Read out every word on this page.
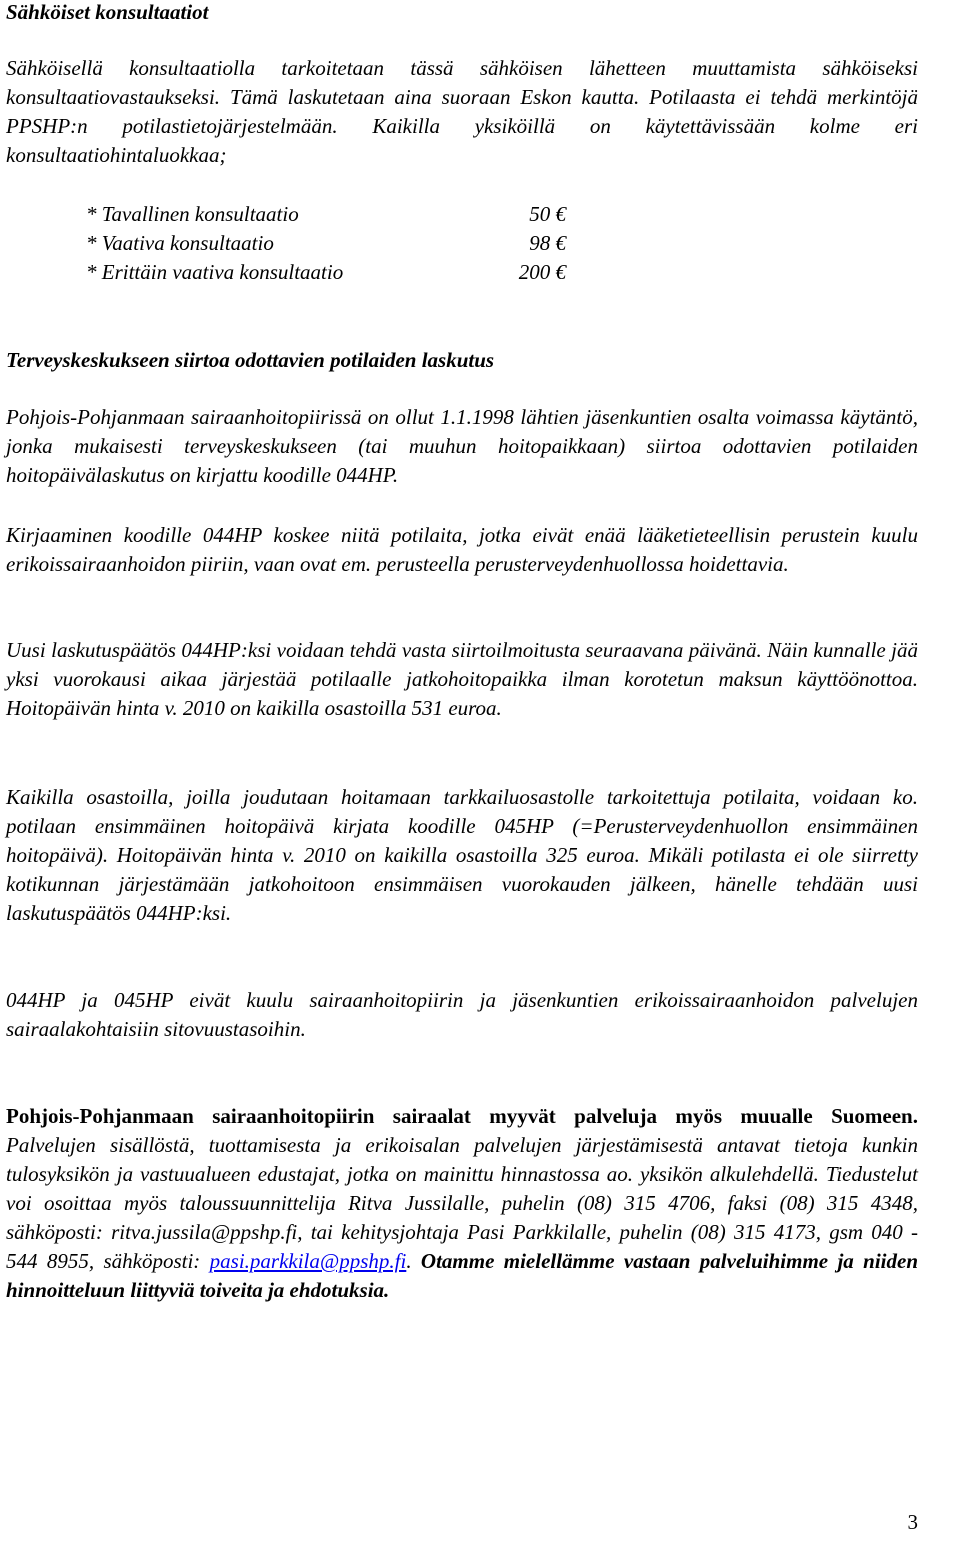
Sähköiset konsultaatiot

Sähköisellä konsultaatiolla tarkoitetaan tässä sähköisen lähetteen muuttamista sähköiseksi konsultaatiovastaukseksi. Tämä laskutetaan aina suoraan Eskon kautta. Potilaasta ei tehdä merkintöjä PPSHP:n potilastietojärjestelmään. Kaikilla yksiköillä on käytettävissään kolme eri konsultaatiohintaluokkaa;

* Tavallinen konsultaatio	50 €
* Vaativa konsultaatio	98 €
* Erittäin vaativa konsultaatio	200 €
Terveyskeskukseen siirtoa odottavien potilaiden laskutus

Pohjois-Pohjanmaan sairaanhoitopiirissä on ollut 1.1.1998 lähtien jäsenkuntien osalta voimassa käytäntö, jonka mukaisesti terveyskeskukseen (tai muuhun hoitopaikkaan) siirtoa odottavien potilaiden hoitopäivälaskutus on kirjattu koodille 044HP.

Kirjaaminen koodille 044HP koskee niitä potilaita, jotka eivät enää lääketieteellisin perustein kuulu erikoissairaanhoidon piiriin, vaan ovat em. perusteella perusterveydenhuollossa hoidettavia.

Uusi laskutuspäätös 044HP:ksi voidaan tehdä vasta siirtoilmoitusta seuraavana päivänä. Näin kunnalle jää yksi vuorokausi aikaa järjestää potilaalle jatkohoitopaikka ilman korotetun maksun käyttöönottoa. Hoitopäivän hinta v. 2010 on kaikilla osastoilla 531 euroa.

Kaikilla osastoilla, joilla joudutaan hoitamaan tarkkailuosastolle tarkoitettuja potilaita, voidaan ko. potilaan ensimmäinen hoitopäivä kirjata koodille 045HP (=Perusterveydenhuollon ensimmäinen hoitopäivä). Hoitopäivän hinta v. 2010 on kaikilla osastoilla 325 euroa. Mikäli potilasta ei ole siirretty kotikunnan järjestämään jatkohoitoon ensimmäisen vuorokauden jälkeen, hänelle tehdään uusi laskutuspäätös 044HP:ksi.

044HP ja 045HP eivät kuulu sairaanhoitopiirin ja jäsenkuntien erikoissairaanhoidon palvelujen sairaalakohtaisiin sitovuustasoihin.

Pohjois-Pohjanmaan sairaanhoitopiirin sairaalat myyvät palveluja myös muualle Suomeen. Palvelujen sisällöstä, tuottamisesta ja erikoisalan palvelujen järjestämisestä antavat tietoja kunkin tulosyksikön ja vastuualueen edustajat, jotka on mainittu hinnastossa ao. yksikön alkulehdellä. Tiedustelut voi osoittaa myös taloussuunnittelija Ritva Jussilalle, puhelin (08) 315 4706, faksi (08) 315 4348, sähköposti: ritva.jussila@ppshp.fi, tai kehitysjohtaja Pasi Parkkilalle, puhelin (08) 315 4173, gsm 040 - 544 8955, sähköposti: pasi.parkkila@ppshp.fi. Otamme mielellämme vastaan palveluihimme ja niiden hinnoitteluun liittyviä toiveita ja ehdotuksia.

3
